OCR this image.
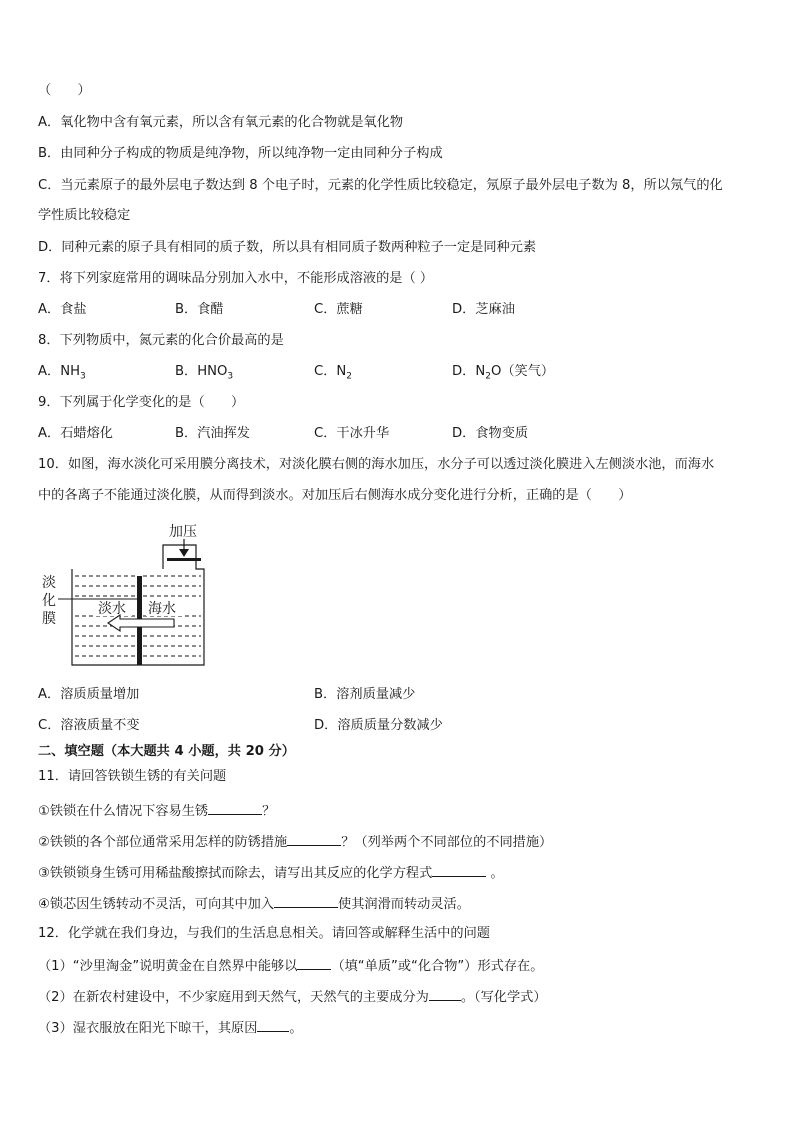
（　　）
A．氧化物中含有氧元素，所以含有氧元素的化合物就是氧化物
B．由同种分子构成的物质是纯净物，所以纯净物一定由同种分子构成
C．当元素原子的最外层电子数达到 8 个电子时，元素的化学性质比较稳定，氖原子最外层电子数为 8，所以氖气的化
学性质比较稳定
D．同种元素的原子具有相同的质子数，所以具有相同质子数两种粒子一定是同种元素
7．将下列家庭常用的调味品分别加入水中，不能形成溶液的是（ ）
A．食盐	B．食醋	C．蔗糖	D．芝麻油
8．下列物质中，氮元素的化合价最高的是
A．$NH_3$	B．$HNO_3$	C．$N_2$	D．$N_2O$（笑气）
9．下列属于化学变化的是（　　）
A．石蜡熔化	B．汽油挥发	C．干冰升华	D．食物变质
10．如图，海水淡化可采用膜分离技术，对淡化膜右侧的海水加压，水分子可以透过淡化膜进入左侧淡水池，而海水
中的各离子不能通过淡化膜，从而得到淡水。对加压后右侧海水成分变化进行分析，正确的是（　　）
加压
淡
化
膜
淡水 海水
A．溶质质量增加	B．溶剂质量减少
C．溶液质量不变	D．溶质质量分数减少
二、填空题（本大题共 4 小题，共 20 分）
11．请回答铁锁生锈的有关问题
①铁锁在什么情况下容易生锈	？
②铁锁的各个部位通常采用怎样的防锈措施	？（列举两个不同部位的不同措施）
③铁锁锁身生锈可用稀盐酸擦拭而除去，请写出其反应的化学方程式	。
④锁芯因生锈转动不灵活，可向其中加入	使其润滑而转动灵活。
12．化学就在我们身边，与我们的生活息息相关。请回答或解释生活中的问题
（1）“沙里淘金”说明黄金在自然界中能够以	（填“单质”或“化合物”）形式存在。
（2）在新农村建设中，不少家庭用到天然气，天然气的主要成分为 。（写化学式）
（3）湿衣服放在阳光下晾干，其原因 。
